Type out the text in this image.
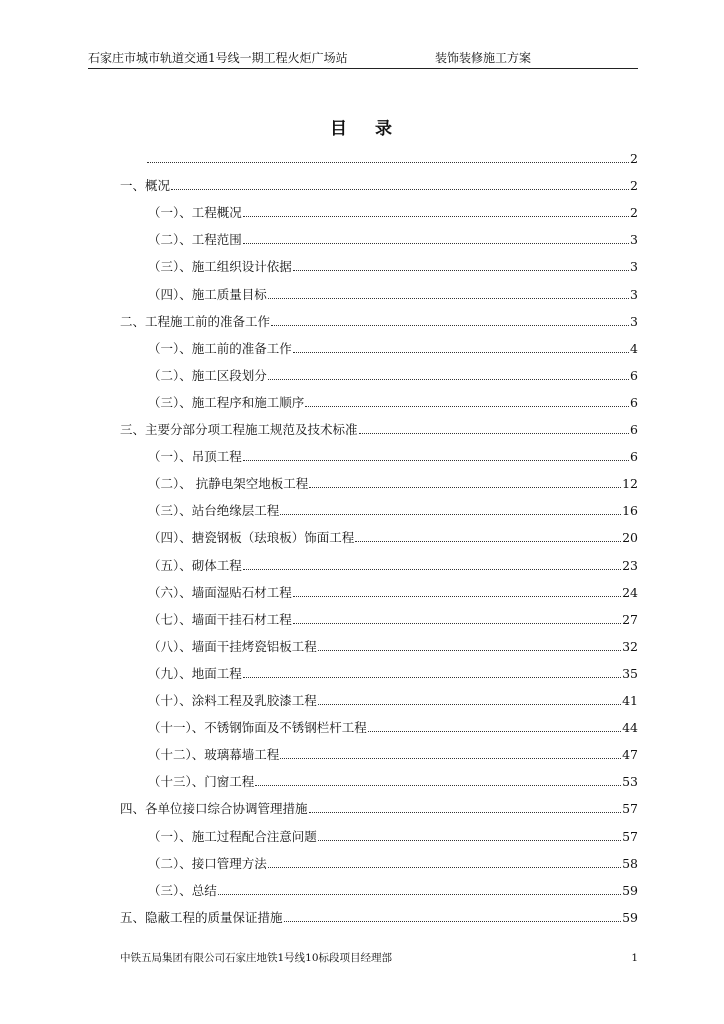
石家庄市城市轨道交通1号线一期工程火炬广场站	装饰装修施工方案
目 录
2
一、概况	2
（一）、工程概况	2
（二）、工程范围	3
（三）、施工组织设计依据	3
（四）、施工质量目标	3
二、工程施工前的准备工作	3
（一）、施工前的准备工作	4
（二）、施工区段划分	6
（三）、施工程序和施工顺序	6
三、主要分部分项工程施工规范及技术标准	6
（一）、吊顶工程	6
（二）、 抗静电架空地板工程	12
（三）、站台绝缘层工程	16
（四）、搪瓷钢板（珐琅板）饰面工程	20
（五）、砌体工程	23
（六）、墙面湿贴石材工程	24
（七）、墙面干挂石材工程	27
（八）、墙面干挂烤瓷铝板工程	32
（九）、地面工程	35
（十）、涂料工程及乳胶漆工程	41
（十一）、不锈钢饰面及不锈钢栏杆工程	44
（十二）、玻璃幕墙工程	47
（十三）、门窗工程	53
四、各单位接口综合协调管理措施	57
（一）、施工过程配合注意问题	57
（二）、接口管理方法	58
（三）、总结	59
五、隐蔽工程的质量保证措施	59
中铁五局集团有限公司石家庄地铁1号线10标段项目经理部	1
